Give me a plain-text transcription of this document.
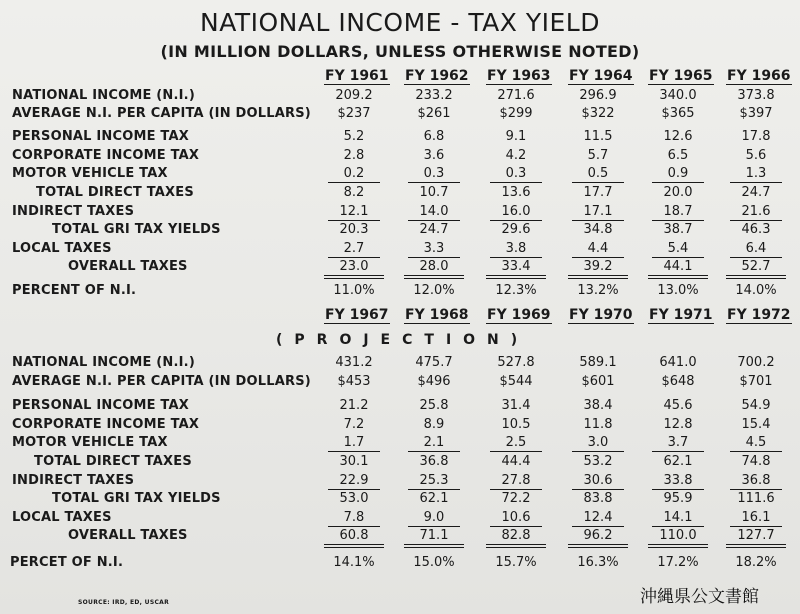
NATIONAL INCOME - TAX YIELD
(IN MILLION DOLLARS, UNLESS OTHERWISE NOTED)
FY 1961 FY 1962 FY 1963 FY 1964 FY 1965 FY 1966
NATIONAL INCOME (N.I.)	209.2	233.2	271.6	296.9	340.0	373.8
AVERAGE N.I. PER CAPITA (IN DOLLARS)	$237	$261	$299	$322	$365	$397
PERSONAL INCOME TAX	5.2	6.8	9.1	11.5	12.6	17.8
CORPORATE INCOME TAX	2.8	3.6	4.2	5.7	6.5	5.6
MOTOR VEHICLE TAX	0.2	0.3	0.3	0.5	0.9	1.3
TOTAL DIRECT TAXES	8.2	10.7	13.6	17.7	20.0	24.7
INDIRECT TAXES	12.1	14.0	16.0	17.1	18.7	21.6
TOTAL GRI TAX YIELDS	20.3	24.7	29.6	34.8	38.7	46.3
LOCAL TAXES	2.7	3.3	3.8	4.4	5.4	6.4
OVERALL TAXES	23.0	28.0	33.4	39.2	44.1	52.7
PERCENT OF N.I.	11.0%	12.0%	12.3%	13.2%	13.0%	14.0%
(PROJECTION)
FY 1967 FY 1968 FY 1969 FY 1970 FY 1971 FY 1972
NATIONAL INCOME (N.I.)	431.2	475.7	527.8	589.1	641.0	700.2
AVERAGE N.I. PER CAPITA (IN DOLLARS)	$453	$496	$544	$601	$648	$701
PERSONAL INCOME TAX	21.2	25.8	31.4	38.4	45.6	54.9
CORPORATE INCOME TAX	7.2	8.9	10.5	11.8	12.8	15.4
MOTOR VEHICLE TAX	1.7	2.1	2.5	3.0	3.7	4.5
TOTAL DIRECT TAXES	30.1	36.8	44.4	53.2	62.1	74.8
INDIRECT TAXES	22.9	25.3	27.8	30.6	33.8	36.8
TOTAL GRI TAX YIELDS	53.0	62.1	72.2	83.8	95.9	111.6
LOCAL TAXES	7.8	9.0	10.6	12.4	14.1	16.1
OVERALL TAXES	60.8	71.1	82.8	96.2	110.0	127.7
PERCET OF N.I.	14.1%	15.0%	15.7%	16.3%	17.2%	18.2%
SOURCE: IRD, ED, USCAR	沖縄県公文書館
